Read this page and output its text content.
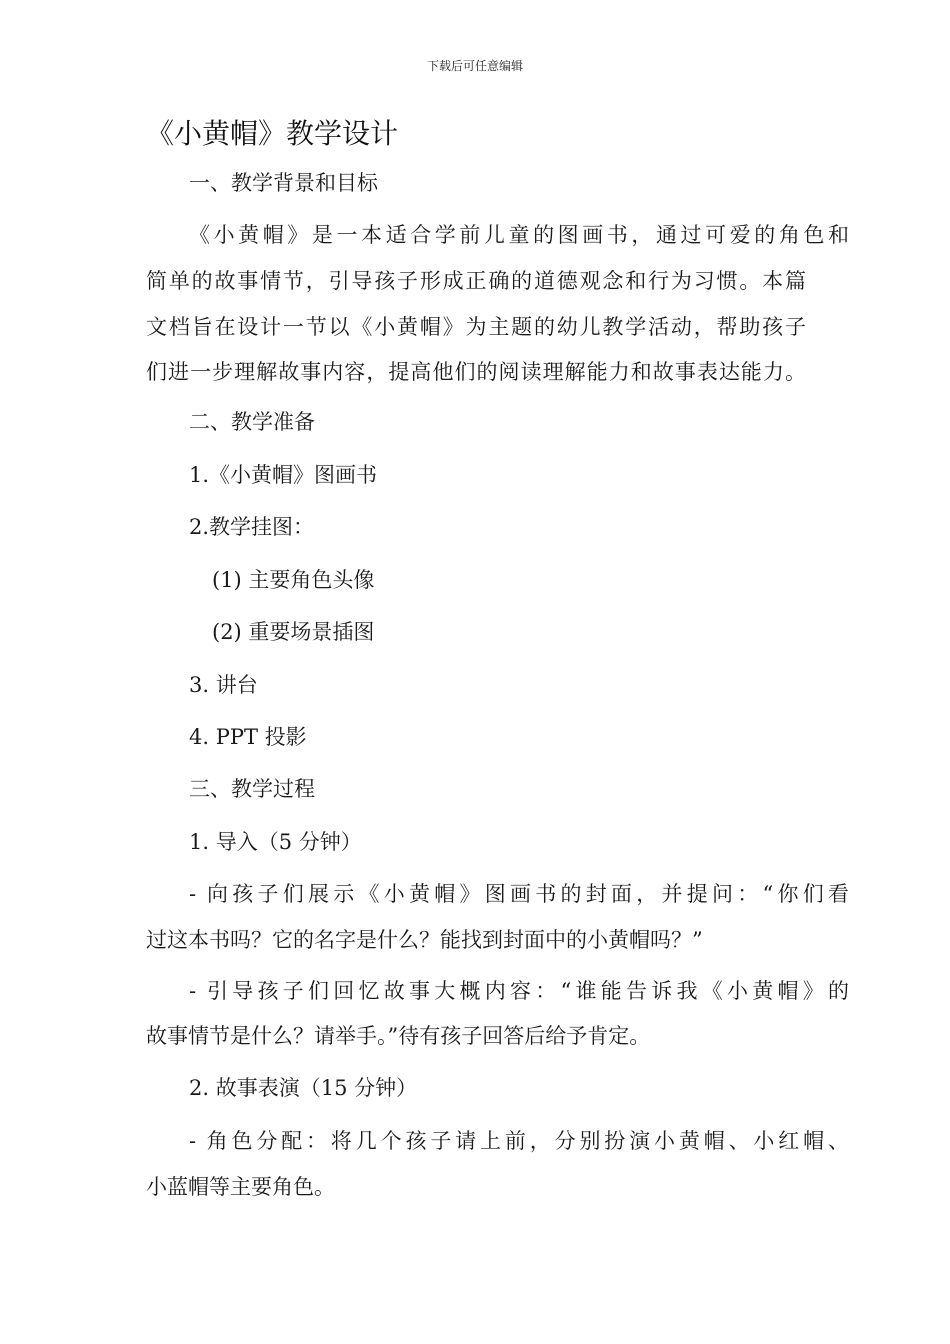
下载后可任意编辑
《小黄帽》教学设计
一、教学背景和目标
《小黄帽》是一本适合学前儿童的图画书，通过可爱的角色和
简单的故事情节，引导孩子形成正确的道德观念和行为习惯。本篇
文档旨在设计一节以《小黄帽》为主题的幼儿教学活动，帮助孩子
们进一步理解故事内容，提高他们的阅读理解能力和故事表达能力。
二、教学准备
1.《小黄帽》图画书
2.教学挂图：
(1) 主要角色头像
(2) 重要场景插图
3. 讲台
4. PPT 投影
三、教学过程
1. 导入（5 分钟）
- 向孩子们展示《小黄帽》图画书的封面，并提问：“你们看
过这本书吗？它的名字是什么？能找到封面中的小黄帽吗？”
- 引导孩子们回忆故事大概内容：“谁能告诉我《小黄帽》的
故事情节是什么？请举手。”待有孩子回答后给予肯定。
2. 故事表演（15 分钟）
- 角色分配：将几个孩子请上前，分别扮演小黄帽、小红帽、
小蓝帽等主要角色。
